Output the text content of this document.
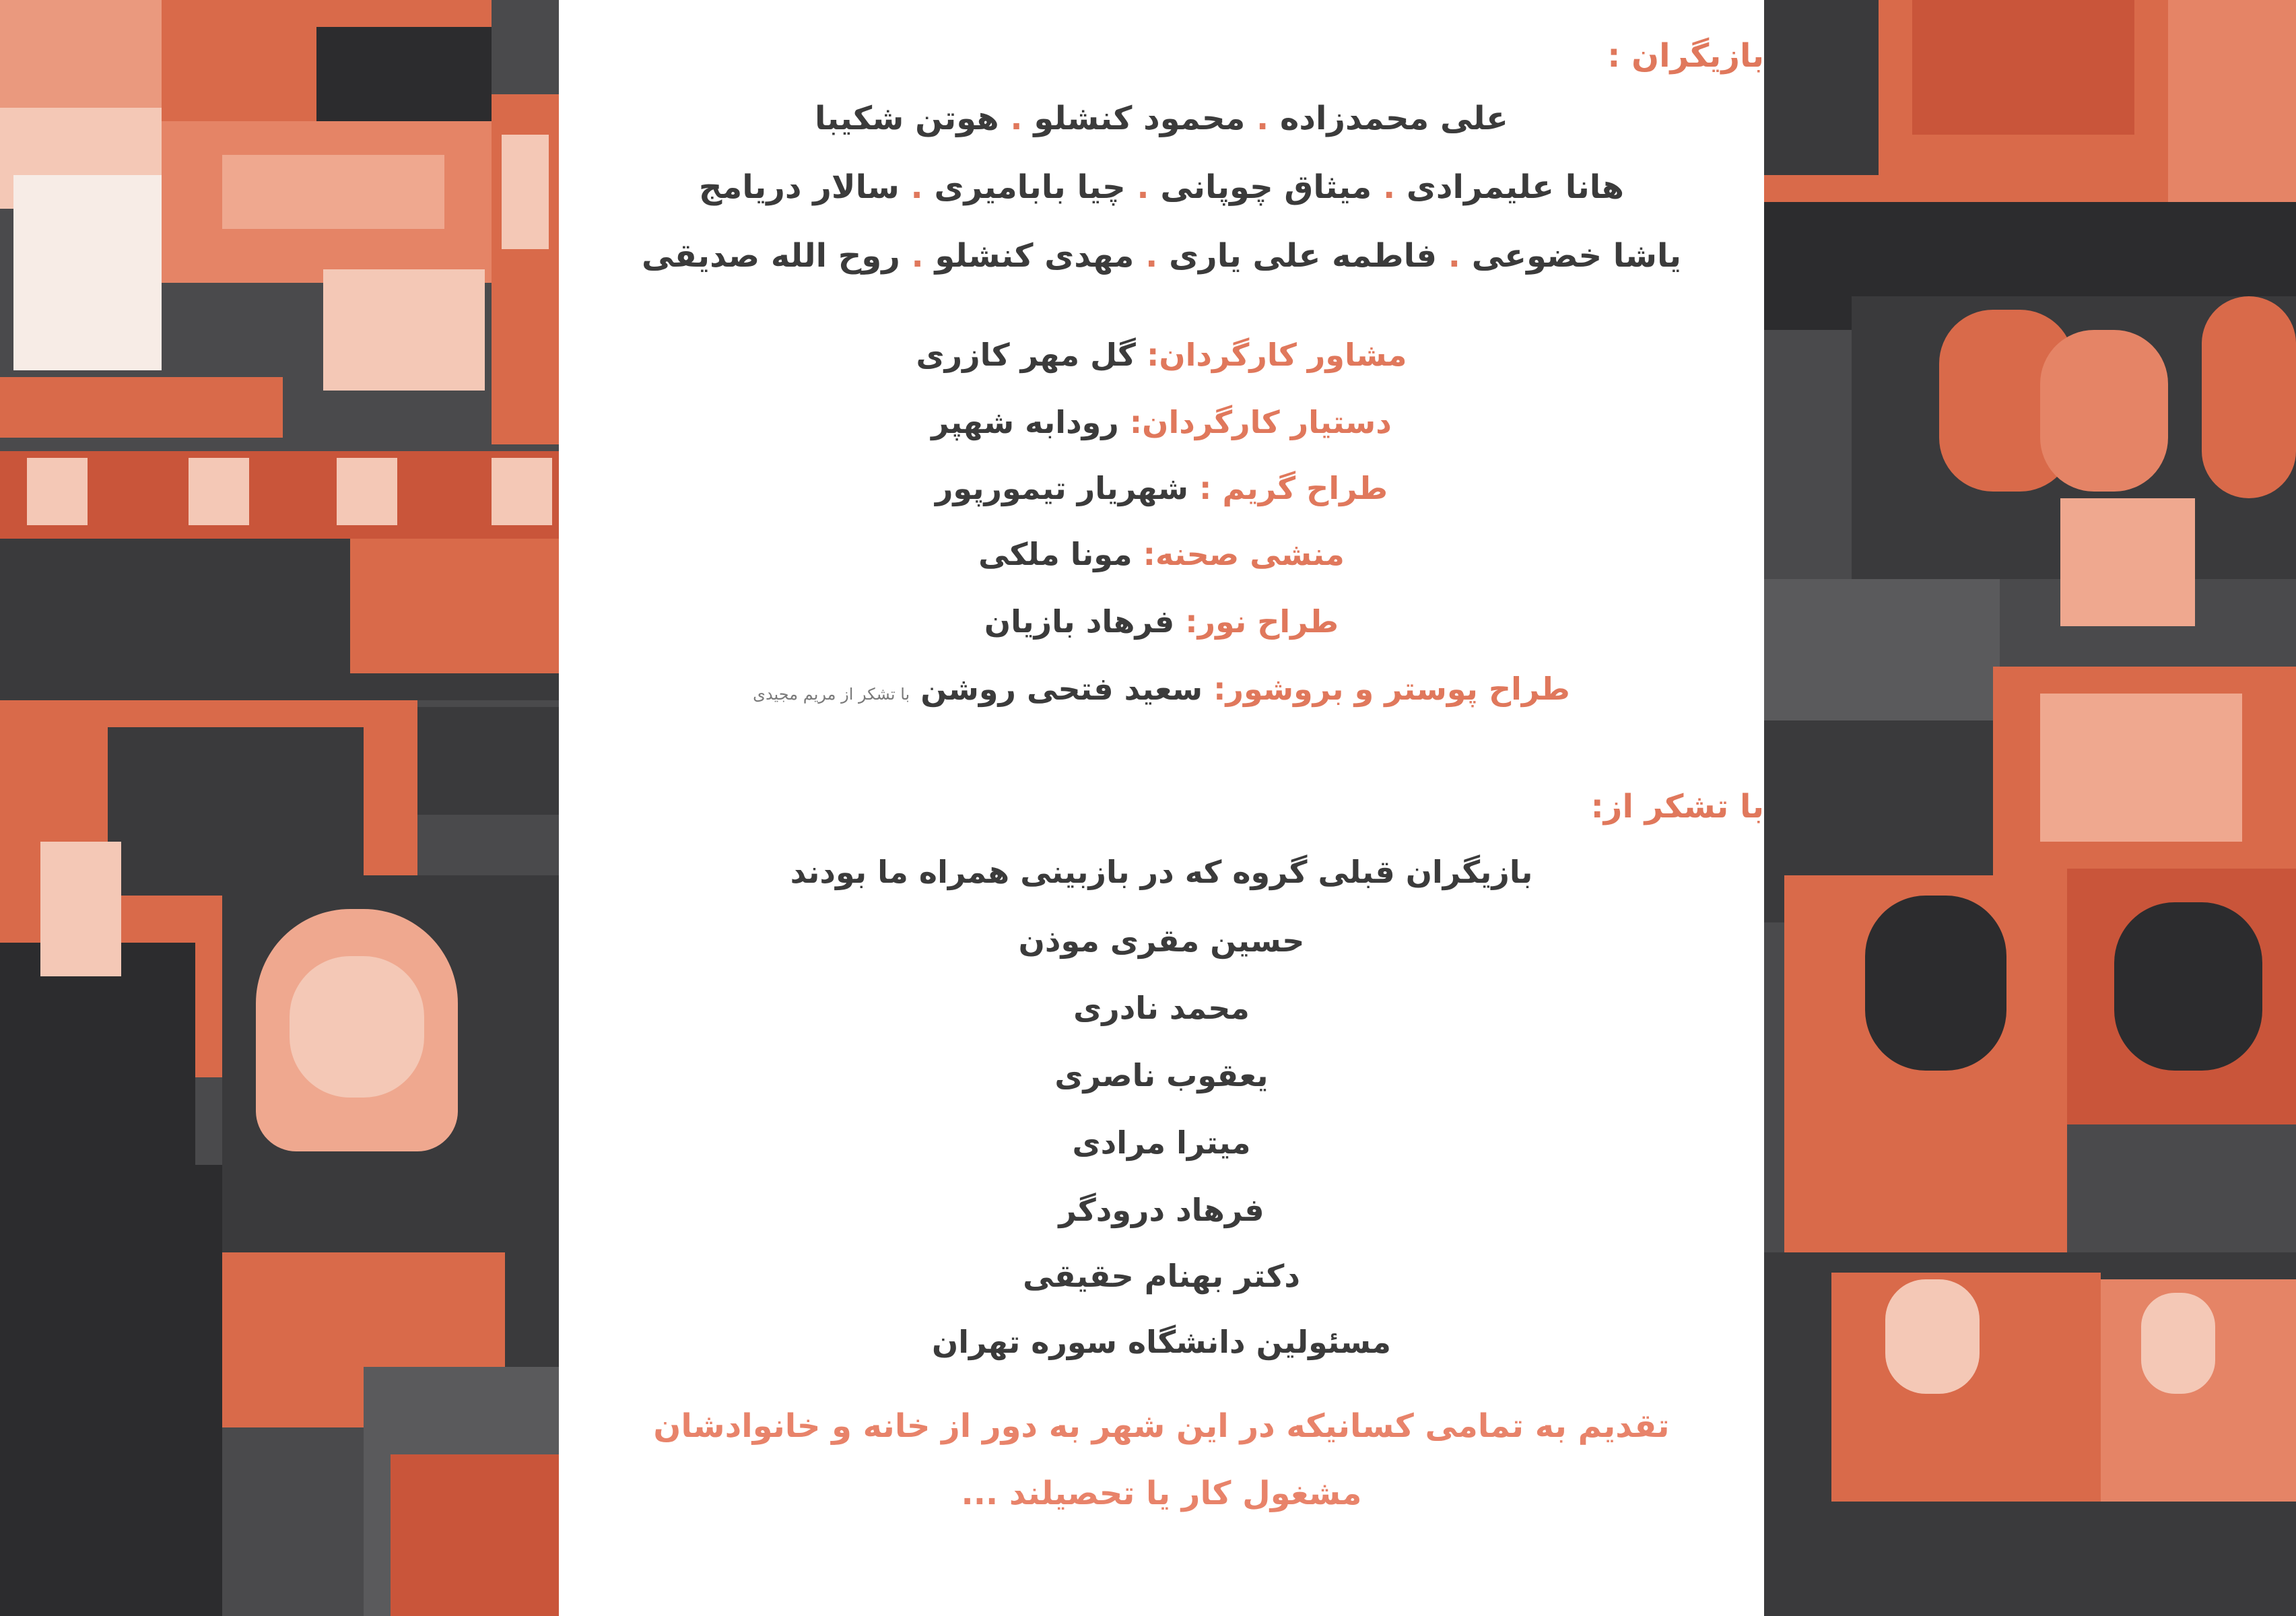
بازیگران :
علی محمدزاده . محمود کنشلو . هوتن شکیبا
هانا علیمرادی . میثاق چوپانی . چیا بابامیری . سالار دریامج
یاشا خضوعی . فاطمه علی یاری . مهدی کنشلو . روح الله صدیقی
مشاور کارگردان: گل مهر کازری
دستیار کارگردان: رودابه شهپر
طراح گریم : شهریار تیمورپور
منشی صحنه: مونا ملکی
طراح نور: فرهاد بازیان
طراح پوستر و بروشور: سعید فتحی روشن با تشکر از مریم مجیدی
با تشکر از:
بازیگران قبلی گروه که در بازبینی همراه ما بودند
حسین مقری موذن
محمد نادری
یعقوب ناصری
میترا مرادی
فرهاد درودگر
دکتر بهنام حقیقی
مسئولین دانشگاه سوره تهران
تقدیم به تمامی کسانیکه در این شهر به دور از خانه و خانوادشان
مشغول کار یا تحصیلند ...
